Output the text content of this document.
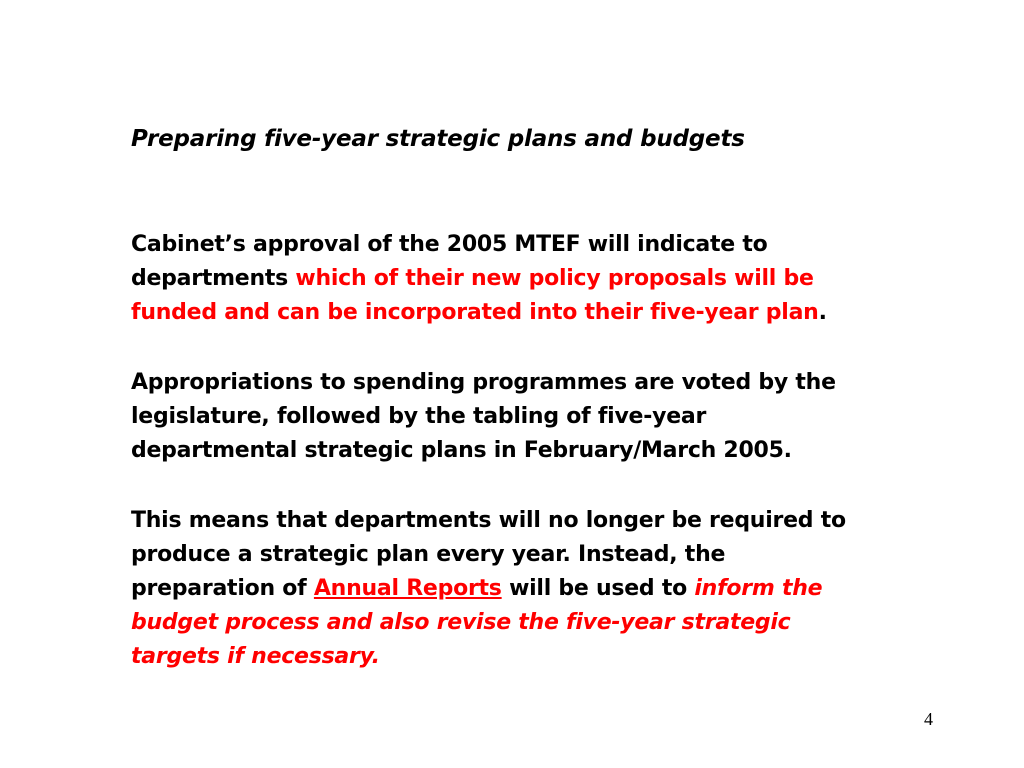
Preparing five-year strategic plans and budgets
Cabinet’s approval of the 2005 MTEF will indicate to
departments which of their new policy proposals will be
funded and can be incorporated into their five-year plan.
Appropriations to spending programmes are voted by the
legislature, followed by the tabling of five-year
departmental strategic plans in February/March 2005.
This means that departments will no longer be required to
produce a strategic plan every year. Instead, the
preparation of Annual Reports will be used to inform the
budget process and also revise the five-year strategic
targets if necessary.
4
